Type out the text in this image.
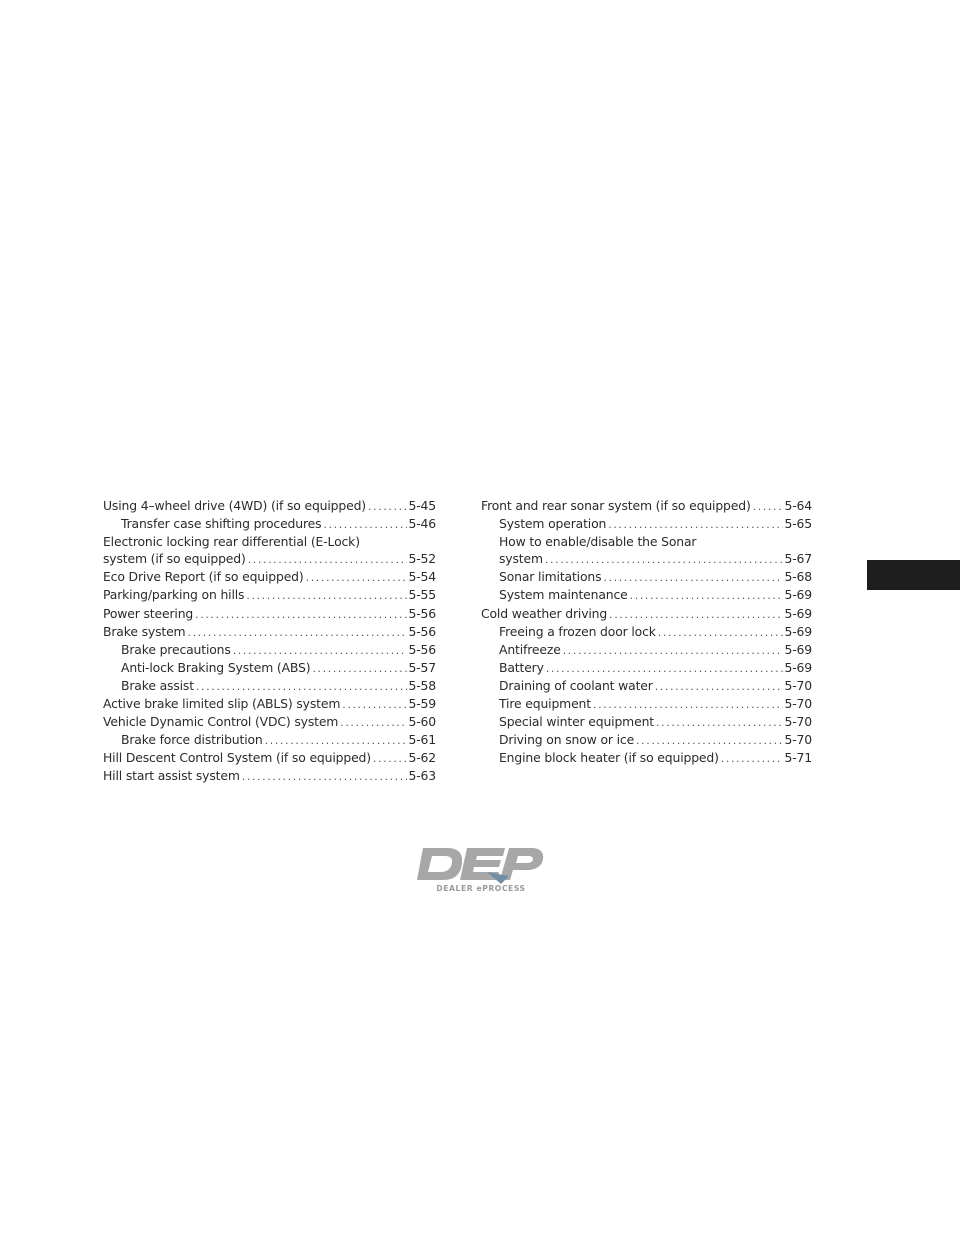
Using 4–wheel drive (4WD) (if so equipped) .....	5-45
Transfer case shifting procedures .....	5-46
Electronic locking rear differential (E-Lock)
system (if so equipped) .....	5-52
Eco Drive Report (if so equipped) .....	5-54
Parking/parking on hills .....	5-55
Power steering .....	5-56
Brake system .....	5-56
Brake precautions .....	5-56
Anti-lock Braking System (ABS) .....	5-57
Brake assist .....	5-58
Active brake limited slip (ABLS) system .....	5-59
Vehicle Dynamic Control (VDC) system .....	5-60
Brake force distribution .....	5-61
Hill Descent Control System (if so equipped) .....	5-62
Hill start assist system .....	5-63
Front and rear sonar system (if so equipped) .....	5-64
System operation .....	5-65
How to enable/disable the Sonar
system .....	5-67
Sonar limitations .....	5-68
System maintenance .....	5-69
Cold weather driving .....	5-69
Freeing a frozen door lock .....	5-69
Antifreeze .....	5-69
Battery .....	5-69
Draining of coolant water .....	5-70
Tire equipment .....	5-70
Special winter equipment .....	5-70
Driving on snow or ice .....	5-70
Engine block heater (if so equipped) .....	5-71
DEALER ePROCESS
